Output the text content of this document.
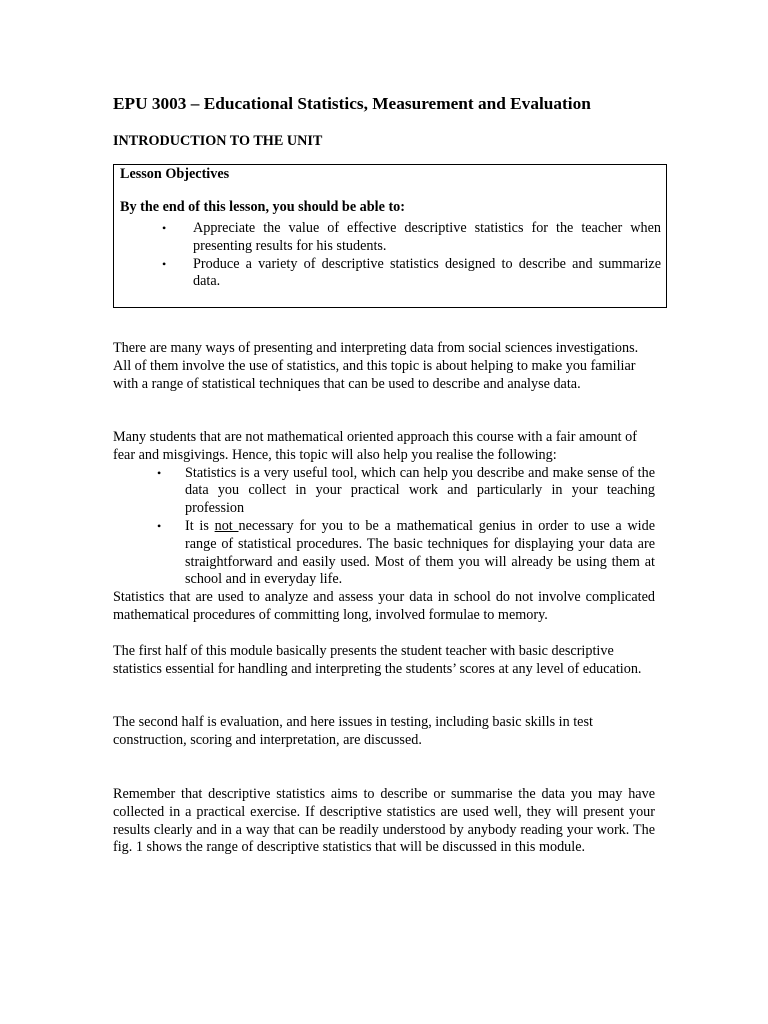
EPU 3003 – Educational Statistics, Measurement and Evaluation
INTRODUCTION TO THE UNIT
Lesson Objectives
By the end of this lesson, you should be able to:
• Appreciate the value of effective descriptive statistics for the teacher when presenting results for his students.
• Produce a variety of descriptive statistics designed to describe and summarize data.

There are many ways of presenting and interpreting data from social sciences investigations. All of them involve the use of statistics, and this topic is about helping to make you familiar with a range of statistical techniques that can be used to describe and analyse data.

Many students that are not mathematical oriented approach this course with a fair amount of fear and misgivings. Hence, this topic will also help you realise the following:

• Statistics is a very useful tool, which can help you describe and make sense of the data you collect in your practical work and particularly in your teaching profession
• It is not necessary for you to be a mathematical genius in order to use a wide range of statistical procedures. The basic techniques for displaying your data are straightforward and easily used. Most of them you will already be using them at school and in everyday life.

Statistics that are used to analyze and assess your data in school do not involve complicated mathematical procedures of committing long, involved formulae to memory.

The first half of this module basically presents the student teacher with basic descriptive statistics essential for handling and interpreting the students’ scores at any level of education.

The second half is evaluation, and here issues in testing, including basic skills in test construction, scoring and interpretation, are discussed.

Remember that descriptive statistics aims to describe or summarise the data you may have collected in a practical exercise. If descriptive statistics are used well, they will present your results clearly and in a way that can be readily understood by anybody reading your work. The fig. 1 shows the range of descriptive statistics that will be discussed in this module.
